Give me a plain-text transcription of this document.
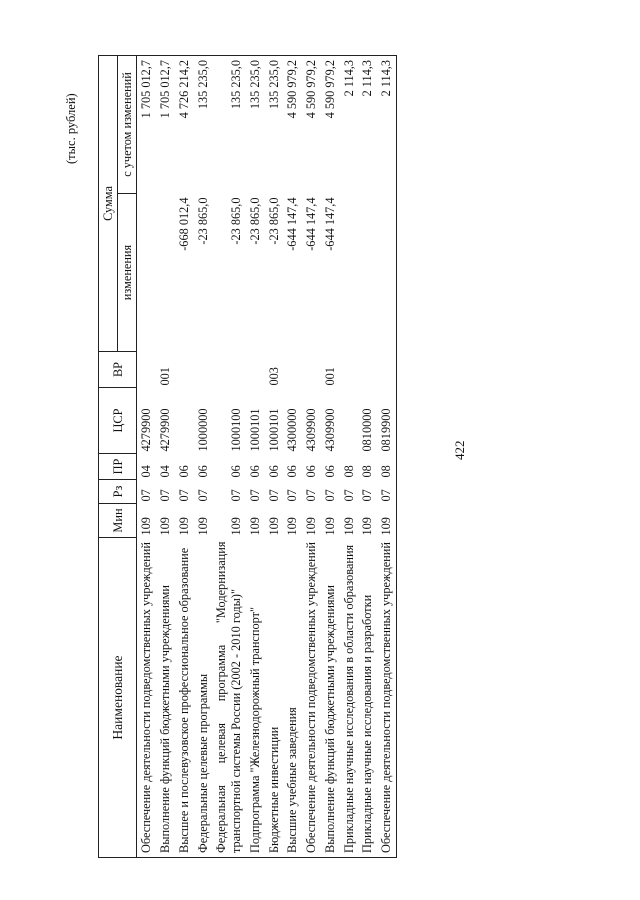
422
(тыс. рублей)
Наименование	Мин	Рз	ПР	ЦСР	ВР	Сумма	
						изменения	с учетом изменений
Обеспечение деятельности подведомственных учреждений	109	07	04	4279900			1 705 012,7
Выполнение функций бюджетными учреждениями	109	07	04	4279900	001		1 705 012,7
Высшее и послевузовское профессиональное образование	109	07	06			-668 012,4	4 726 214,2
Федеральные целевые программы	109	07	06	1000000		-23 865,0	135 235,0
Федеральная целевая программа "Модернизация транспортной системы России (2002 - 2010 годы)"	109	07	06	1000100		-23 865,0	135 235,0
Подпрограмма "Железнодорожный транспорт"	109	07	06	1000101		-23 865,0	135 235,0
Бюджетные инвестиции	109	07	06	1000101	003	-23 865,0	135 235,0
Высшие учебные заведения	109	07	06	4300000		-644 147,4	4 590 979,2
Обеспечение деятельности подведомственных учреждений	109	07	06	4309900		-644 147,4	4 590 979,2
Выполнение функций бюджетными учреждениями	109	07	06	4309900	001	-644 147,4	4 590 979,2
Прикладные научные исследования в области образования	109	07	08				2 114,3
Прикладные научные исследования и разработки	109	07	08	0810000			2 114,3
Обеспечение деятельности подведомственных учреждений	109	07	08	0819900			2 114,3
